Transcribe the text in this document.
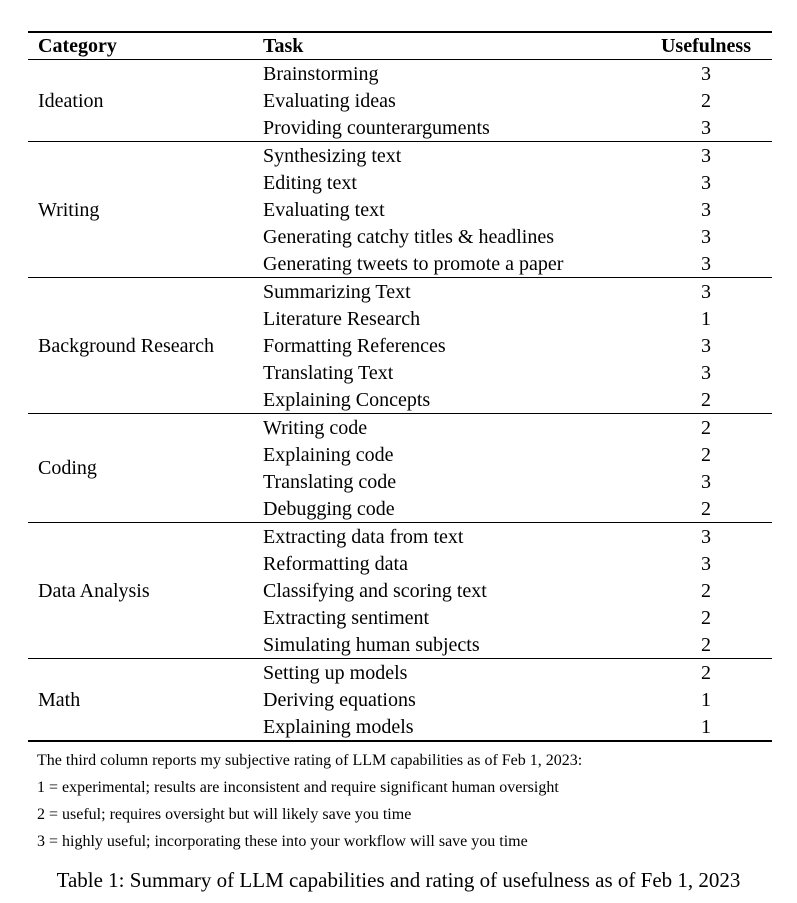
Category	Task	Usefulness
Ideation	Brainstorming	3
	Evaluating ideas	2
	Providing counterarguments	3
Writing	Synthesizing text	3
	Editing text	3
	Evaluating text	3
	Generating catchy titles & headlines	3
	Generating tweets to promote a paper	3
Background Research	Summarizing Text	3
	Literature Research	1
	Formatting References	3
	Translating Text	3
	Explaining Concepts	2
Coding	Writing code	2
	Explaining code	2
	Translating code	3
	Debugging code	2
Data Analysis	Extracting data from text	3
	Reformatting data	3
	Classifying and scoring text	2
	Extracting sentiment	2
	Simulating human subjects	2
Math	Setting up models	2
	Deriving equations	1
	Explaining models	1
The third column reports my subjective rating of LLM capabilities as of Feb 1, 2023:
1 = experimental; results are inconsistent and require significant human oversight
2 = useful; requires oversight but will likely save you time
3 = highly useful; incorporating these into your workflow will save you time
Table 1: Summary of LLM capabilities and rating of usefulness as of Feb 1, 2023
